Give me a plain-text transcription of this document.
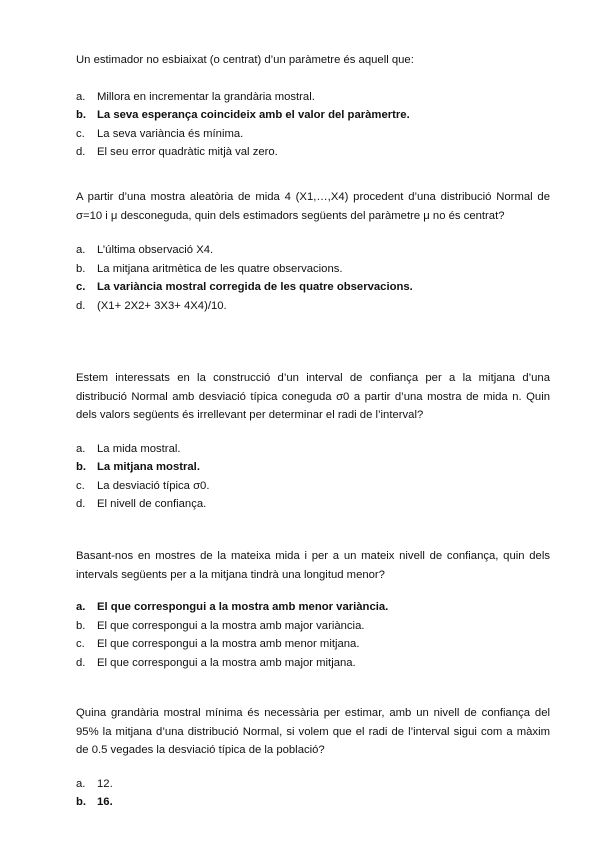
Un estimador no esbiaixat (o centrat) d’un paràmetre és aquell que:

a.	Millora en incrementar la grandària mostral.
b. La seva esperança coincideix amb el valor del paràmertre.
c.	La seva variància és mínima.
d.	El seu error quadràtic mitjà val zero.

A partir d’una mostra aleatòria de mida 4 (X1,…,X4) procedent d’una distribució Normal de σ=10 i μ desconeguda, quin dels estimadors següents del paràmetre μ no és centrat?

a.	L’última observació X4.
b.	La mitjana aritmètica de les quatre observacions.
c.	La variància mostral corregida de les quatre observacions.
d.	(X1+ 2X2+ 3X3+ 4X4)/10.

Estem interessats en la construcció d’un interval de confiança per a la mitjana d’una distribució Normal amb desviació típica coneguda σ0 a partir d’una mostra de mida n. Quin dels valors següents és irrellevant per determinar el radi de l’interval?

a.	La mida mostral.
b. La mitjana mostral.
c.	La desviació típica σ0.
d.	El nivell de confiança.

Basant-nos en mostres de la mateixa mida i per a un mateix nivell de confiança, quin dels intervals següents per a la mitjana tindrà una longitud menor?

a.	El que correspongui a la mostra amb menor variància.
b.	El que correspongui a la mostra amb major variància.
c.	El que correspongui a la mostra amb menor mitjana.
d.	El que correspongui a la mostra amb major mitjana.

Quina grandària mostral mínima és necessària per estimar, amb un nivell de confiança del 95% la mitjana d’una distribució Normal, si volem que el radi de l’interval sigui com a màxim de 0.5 vegades la desviació típica de la població?

a.	12.
b. 16.
